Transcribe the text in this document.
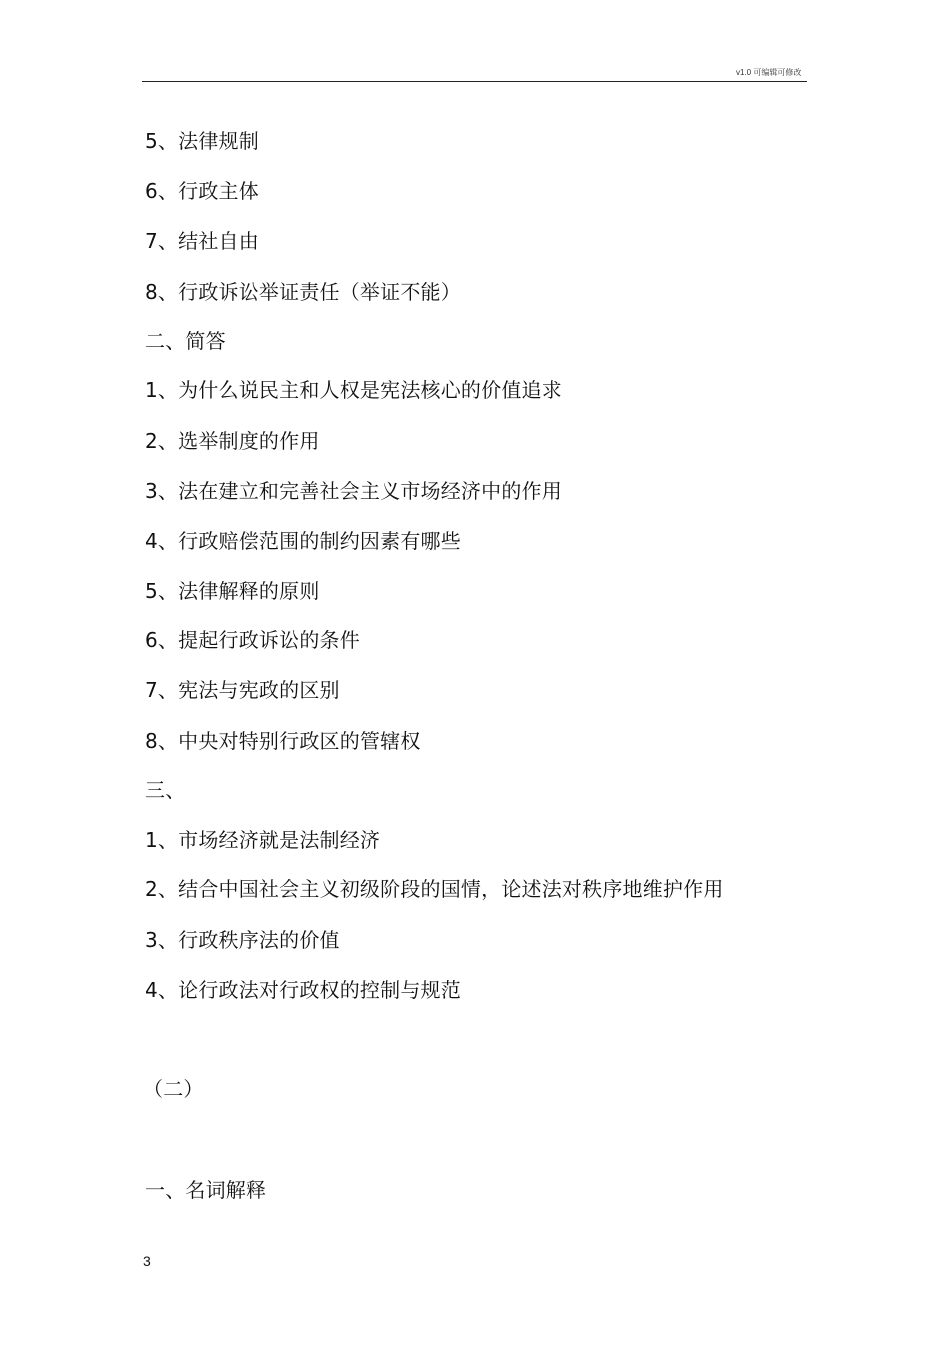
v1.0 可编辑可修改
5、法律规制
6、行政主体
7、结社自由
8、行政诉讼举证责任（举证不能）
二、简答
1、为什么说民主和人权是宪法核心的价值追求
2、选举制度的作用
3、法在建立和完善社会主义市场经济中的作用
4、行政赔偿范围的制约因素有哪些
5、法律解释的原则
6、提起行政诉讼的条件
7、宪法与宪政的区别
8、中央对特别行政区的管辖权
三、
1、市场经济就是法制经济
2、结合中国社会主义初级阶段的国情，论述法对秩序地维护作用
3、行政秩序法的价值
4、论行政法对行政权的控制与规范
（二）
一、名词解释
3
